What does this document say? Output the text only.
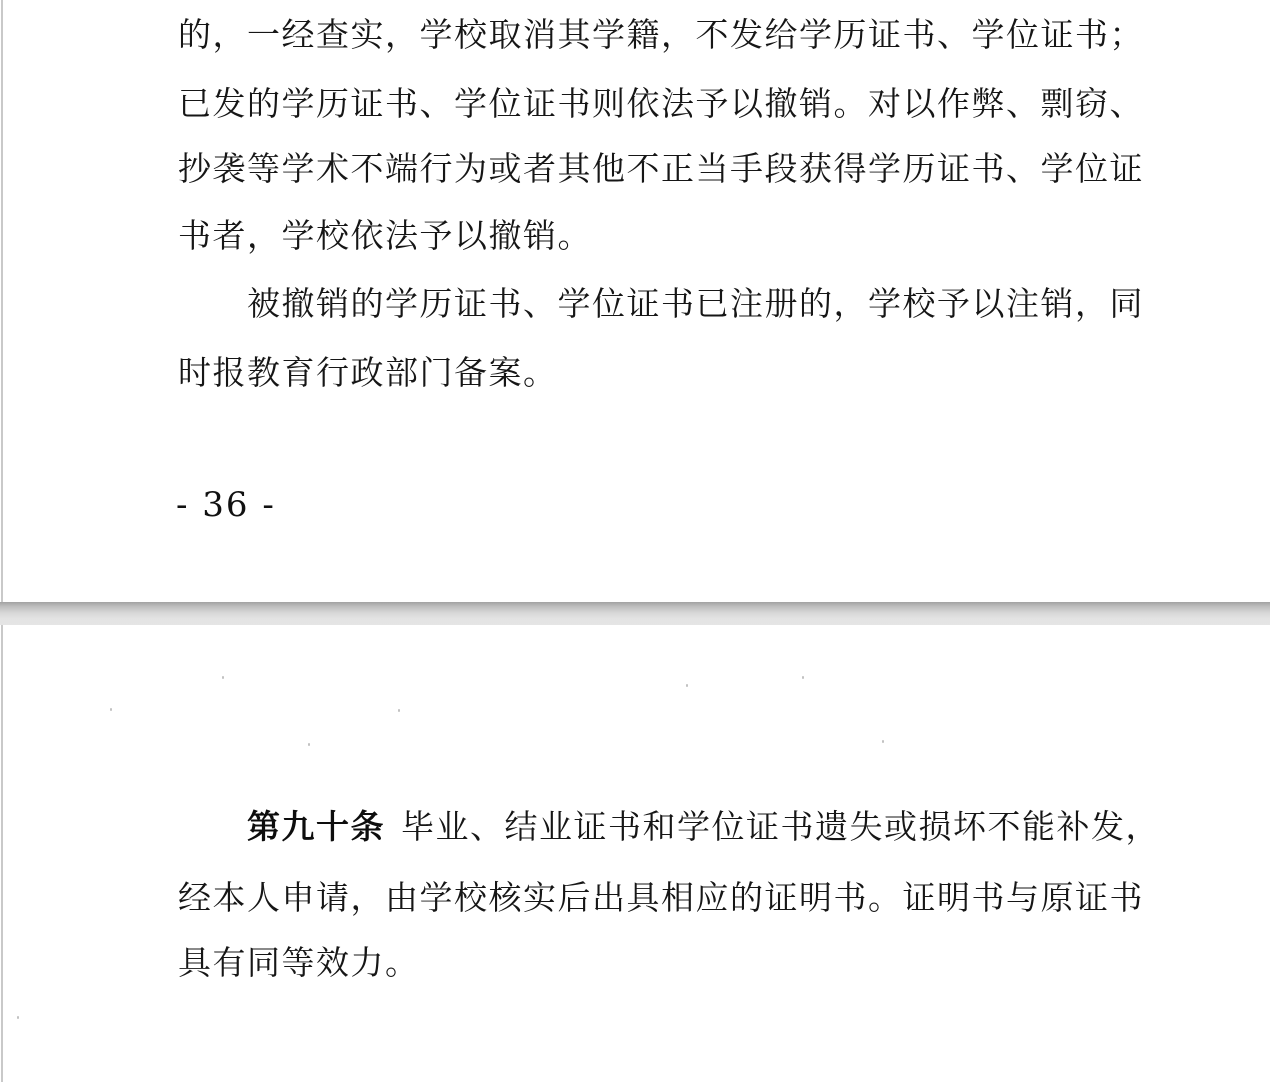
的，一经查实，学校取消其学籍，不发给学历证书、学位证书；
已发的学历证书、学位证书则依法予以撤销。对以作弊、剽窃、
抄袭等学术不端行为或者其他不正当手段获得学历证书、学位证
书者，学校依法予以撤销。
被撤销的学历证书、学位证书已注册的，学校予以注销，同
时报教育行政部门备案。
- 36 -
第九十条 毕业、结业证书和学位证书遗失或损坏不能补发，
经本人申请，由学校核实后出具相应的证明书。证明书与原证书
具有同等效力。
